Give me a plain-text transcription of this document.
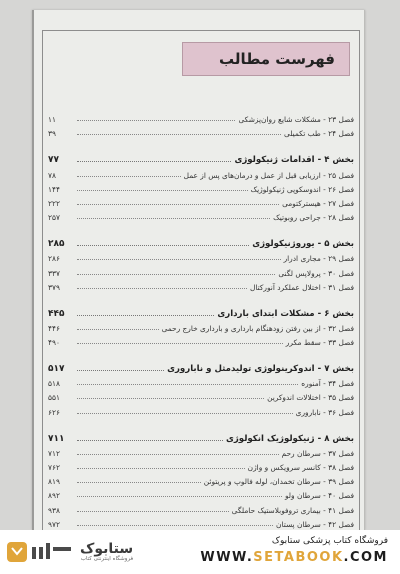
فهرست مطالب
فصل ۲۳ - مشکلات شایع روان‌پزشکی
۱۱
فصل ۲۴ - طب تکمیلی
۳۹
بخش ۴ - اقدامات ژنیکولوژی
۷۷
فصل ۲۵ - ارزیابی قبل از عمل و درمان‌های پس از عمل
۷۸
فصل ۲۶ - اندوسکوپی ژنیکولوژیک
۱۴۴
فصل ۲۷ - هیسترکتومی
۲۲۲
فصل ۲۸ - جراحی روبوتیک
۲۵۷
بخش ۵ - یوروژنیکولوژی
۲۸۵
فصل ۲۹ - مجاری ادرار
۲۸۶
فصل ۳۰ - پرولاپس لگنی
۳۳۷
فصل ۳۱ - اختلال عملکرد آنورکتال
۳۷۹
بخش ۶ - مشکلات ابتدای بارداری
۴۴۵
فصل ۳۲ - از بین رفتن زودهنگام بارداری و بارداری خارج رحمی
۴۴۶
فصل ۳۳ - سقط مکرر
۴۹۰
بخش ۷ - اندوکرینولوژی تولیدمثل و ناباروری
۵۱۷
فصل ۳۴ - آمنوره
۵۱۸
فصل ۳۵ - اختلالات اندوکرین
۵۵۱
فصل ۳۶ - ناباروری
۶۲۶
بخش ۸ - ژنیکولوژیک انکولوژی
۷۱۱
فصل ۳۷ - سرطان رحم
۷۱۲
فصل ۳۸ - کانسر سرویکس و واژن
۷۶۲
فصل ۳۹ - سرطان تخمدان، لوله فالوپ و پریتوئن
۸۱۹
فصل ۴۰ - سرطان ولو
۸۹۲
فصل ۴۱ - بیماری تروفوبلاستیک حاملگی
۹۳۸
فصل ۴۲ - سرطان پستان
۹۷۲
ستابوک
فروشگاه اینترنتی کتاب
فروشگاه کتاب پزشکی ستابوک
WWW.SETABOOK.COM
